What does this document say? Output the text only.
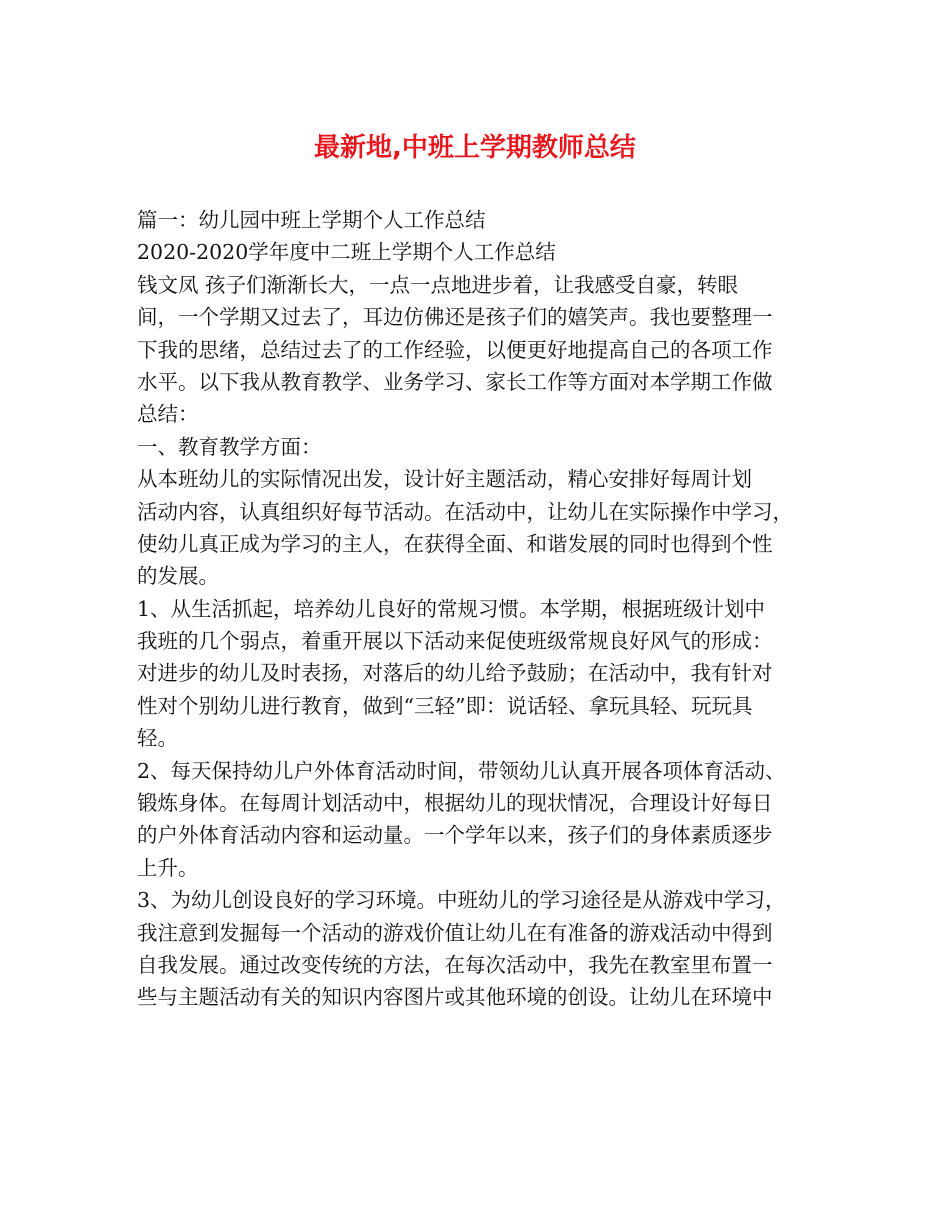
最新地,中班上学期教师总结
篇一：幼儿园中班上学期个人工作总结
2020-2020学年度中二班上学期个人工作总结
钱文凤 孩子们渐渐长大，一点一点地进步着，让我感受自豪，转眼
间，一个学期又过去了，耳边仿佛还是孩子们的嬉笑声。我也要整理一
下我的思绪，总结过去了的工作经验，以便更好地提高自己的各项工作
水平。以下我从教育教学、业务学习、家长工作等方面对本学期工作做
总结：
一、教育教学方面：
从本班幼儿的实际情况出发，设计好主题活动，精心安排好每周计划
活动内容，认真组织好每节活动。在活动中，让幼儿在实际操作中学习，
使幼儿真正成为学习的主人，在获得全面、和谐发展的同时也得到个性
的发展。
1、从生活抓起，培养幼儿良好的常规习惯。本学期，根据班级计划中
我班的几个弱点，着重开展以下活动来促使班级常规良好风气的形成：
对进步的幼儿及时表扬，对落后的幼儿给予鼓励；在活动中，我有针对
性对个别幼儿进行教育，做到“三轻”即：说话轻、拿玩具轻、玩玩具
轻。
2、每天保持幼儿户外体育活动时间，带领幼儿认真开展各项体育活动、
锻炼身体。在每周计划活动中，根据幼儿的现状情况，合理设计好每日
的户外体育活动内容和运动量。一个学年以来，孩子们的身体素质逐步
上升。
3、为幼儿创设良好的学习环境。中班幼儿的学习途径是从游戏中学习，
我注意到发掘每一个活动的游戏价值让幼儿在有准备的游戏活动中得到
自我发展。通过改变传统的方法，在每次活动中，我先在教室里布置一
些与主题活动有关的知识内容图片或其他环境的创设。让幼儿在环境中
